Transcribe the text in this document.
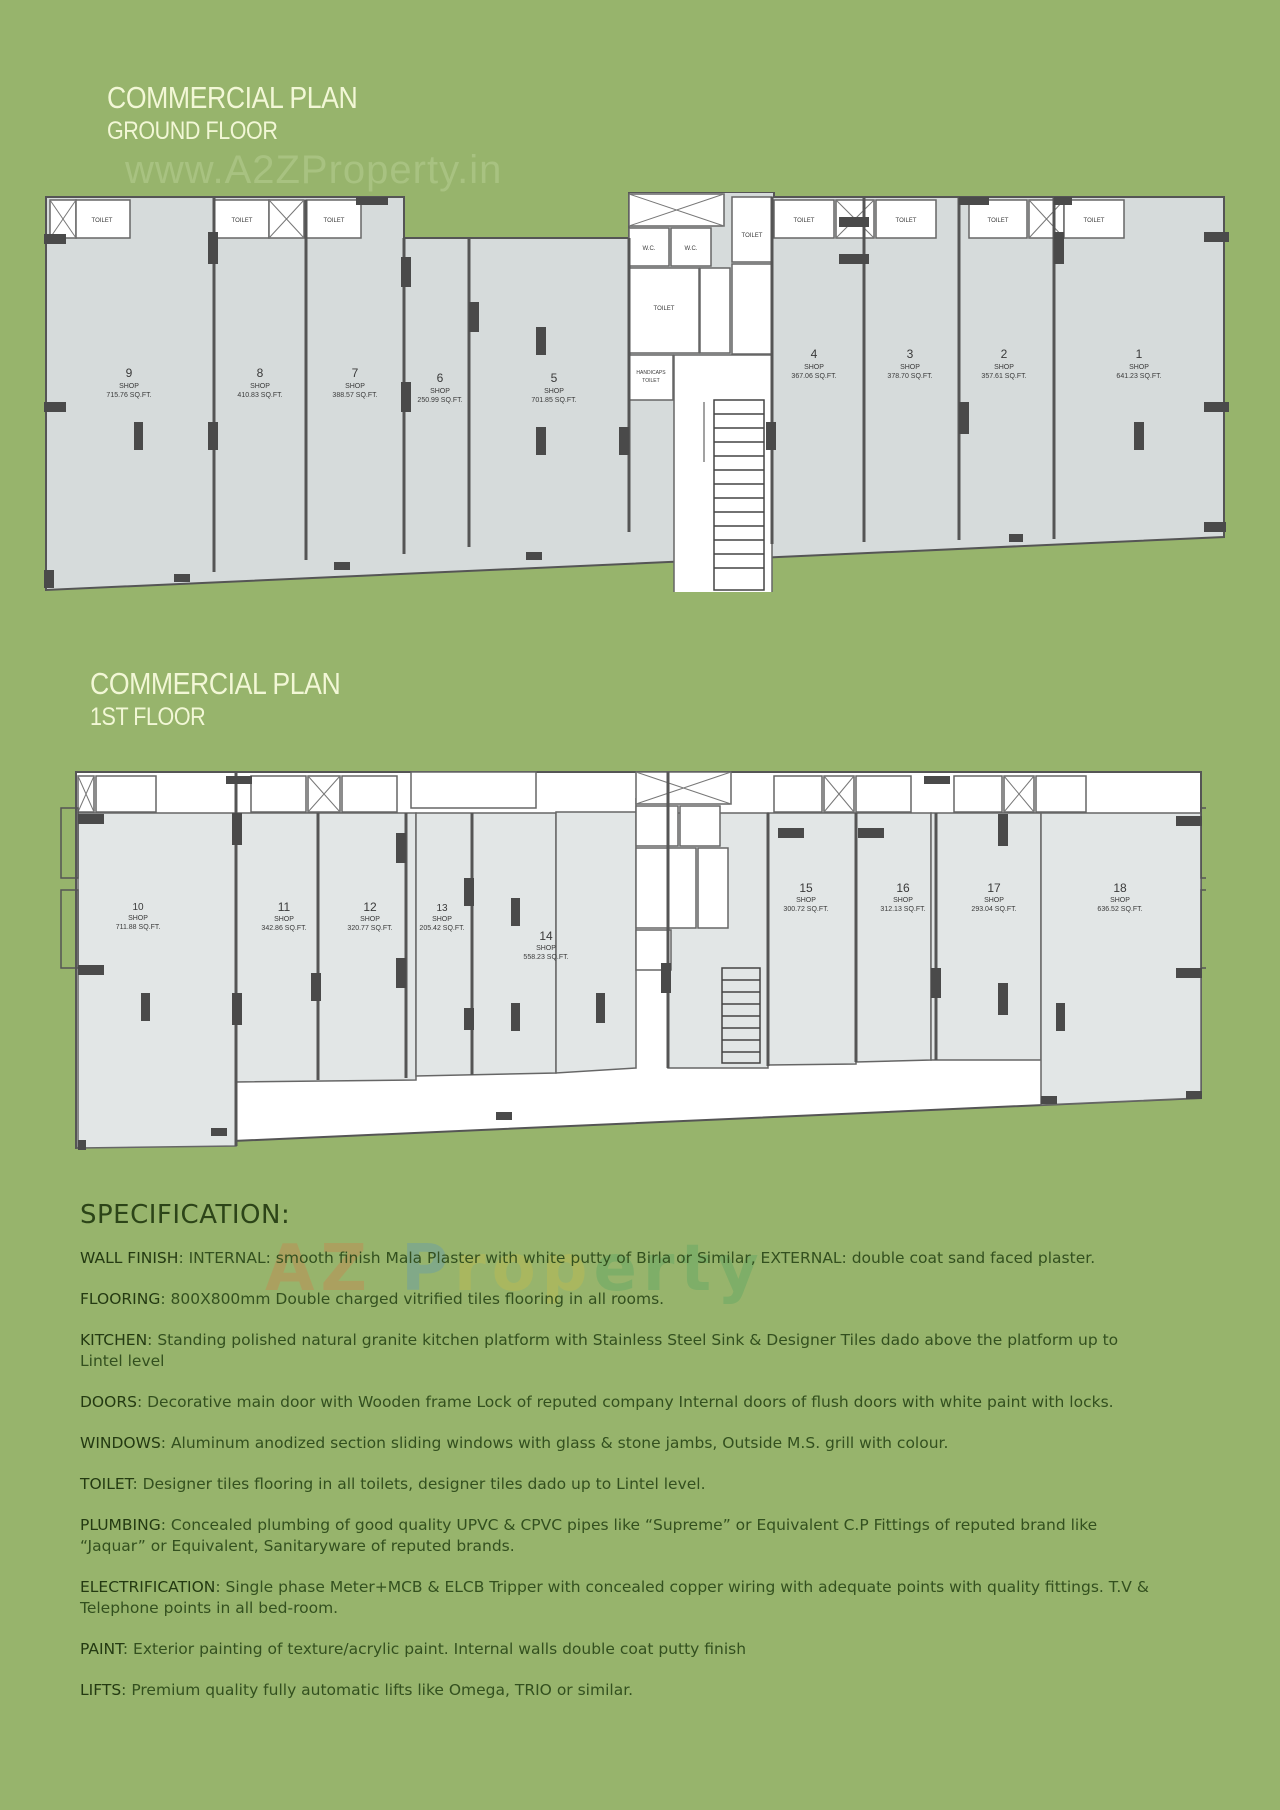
COMMERCIAL PLAN
GROUND FLOOR
www.A2ZProperty.in
TOILET	TOILET	TOILET
W.C.	W.C.
TOILET
TOILET
HANDICAPS
TOILET
TOILET	TOILET	TOILET	TOILET
9
SHOP
715.76 SQ.FT.
8
SHOP
410.83 SQ.FT.
7
SHOP
388.57 SQ.FT.
6
SHOP
250.99 SQ.FT.
5
SHOP
701.85 SQ.FT.
4
SHOP
367.06 SQ.FT.
3
SHOP
378.70 SQ.FT.
2
SHOP
357.61 SQ.FT.
1
SHOP
641.23 SQ.FT.
COMMERCIAL PLAN
1ST FLOOR
10
SHOP
711.88 SQ.FT.
11
SHOP
342.86 SQ.FT.
12
SHOP
320.77 SQ.FT.
13
SHOP
205.42 SQ.FT.
14
SHOP
558.23 SQ.FT.
15
SHOP
300.72 SQ.FT.
16
SHOP
312.13 SQ.FT.
17
SHOP
293.04 SQ.FT.
18
SHOP
636.52 SQ.FT.
AZ Property
SPECIFICATION:
WALL FINISH: INTERNAL: smooth finish Mala Plaster with white putty of Birla or Similar, EXTERNAL: double coat sand faced plaster.
FLOORING: 800X800mm Double charged vitrified tiles flooring in all rooms.
KITCHEN: Standing polished natural granite kitchen platform with Stainless Steel Sink & Designer Tiles dado above the platform up to Lintel level
DOORS: Decorative main door with Wooden frame Lock of reputed company Internal doors of flush doors with white paint with locks.
WINDOWS: Aluminum anodized section sliding windows with glass & stone jambs, Outside M.S. grill with colour.
TOILET: Designer tiles flooring in all toilets, designer tiles dado up to Lintel level.
PLUMBING: Concealed plumbing of good quality UPVC & CPVC pipes like “Supreme” or Equivalent C.P Fittings of reputed brand like “Jaquar” or Equivalent, Sanitaryware of reputed brands.
ELECTRIFICATION: Single phase Meter+MCB & ELCB Tripper with concealed copper wiring with adequate points with quality fittings. T.V & Telephone points in all bed-room.
PAINT: Exterior painting of texture/acrylic paint. Internal walls double coat putty finish
LIFTS: Premium quality fully automatic lifts like Omega, TRIO or similar.
